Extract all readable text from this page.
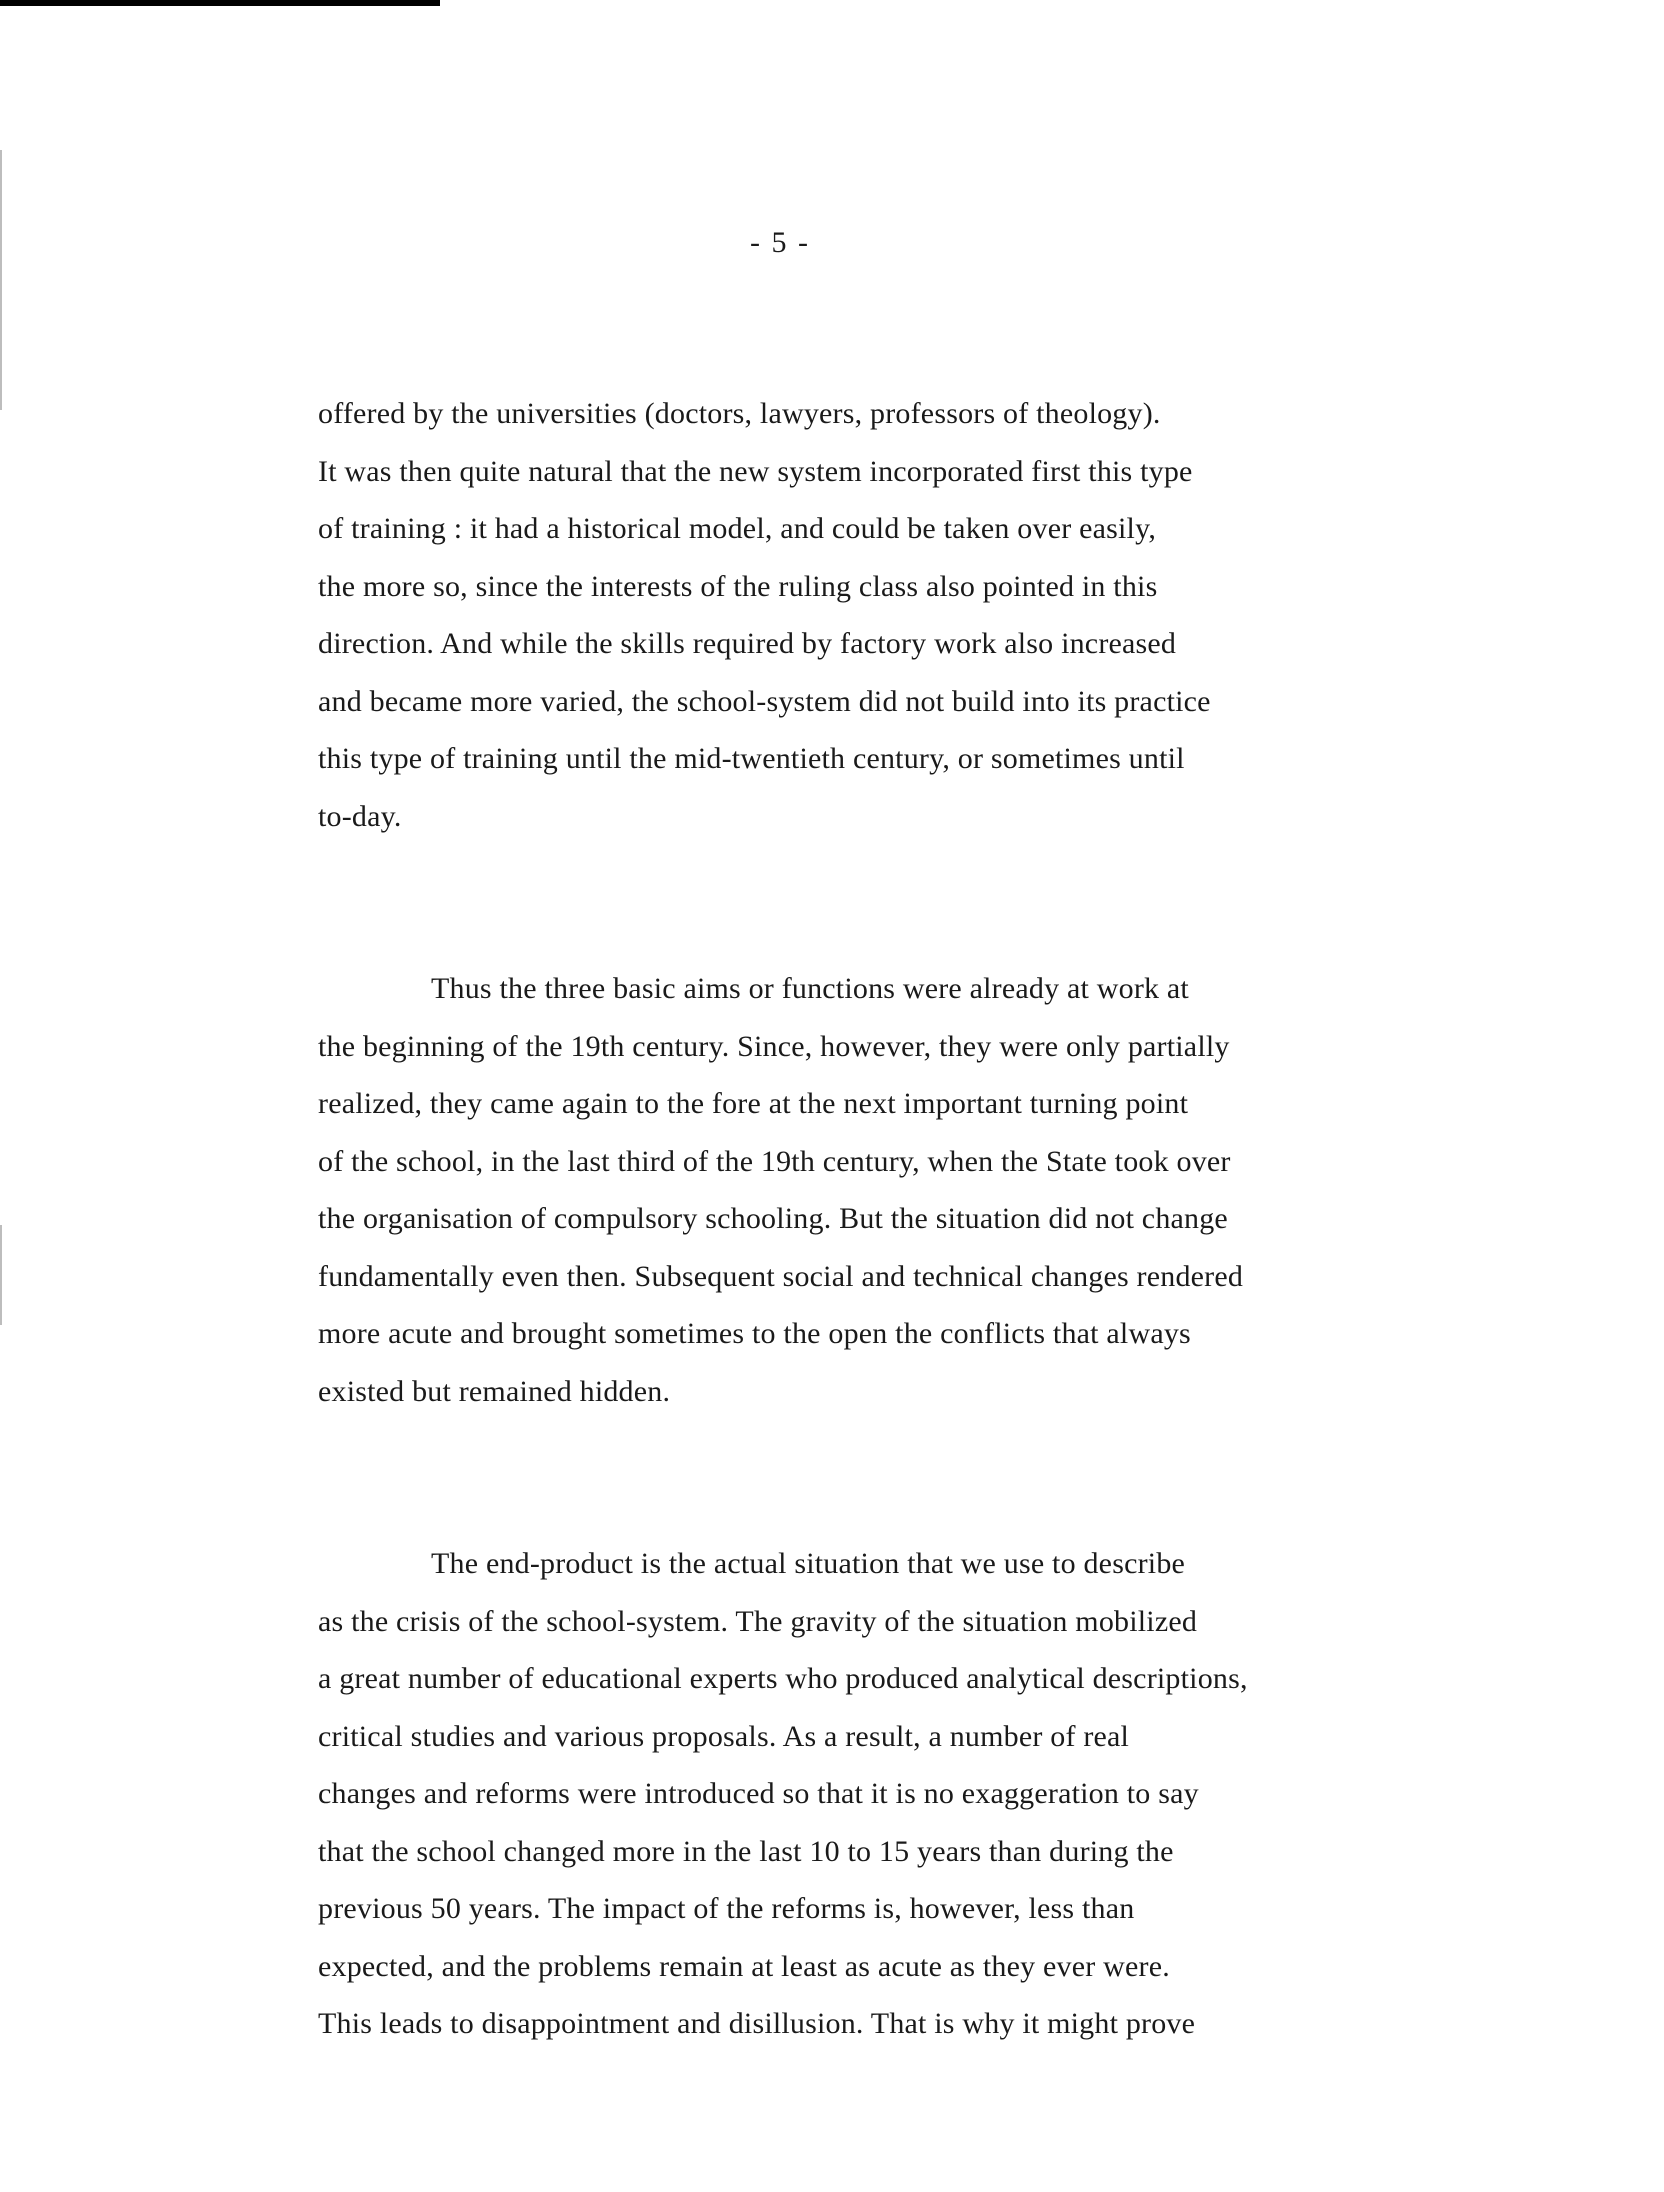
- 5 -
offered by the universities (doctors, lawyers, professors of theology).
It was then quite natural that the new system incorporated first this type
of training : it had a historical model, and could be taken over easily,
the more so, since the interests of the ruling class also pointed in this
direction. And while the skills required by factory work also increased
and became more varied, the school-system did not build into its practice
this type of training until the mid-twentieth century, or sometimes until
to-day.
Thus the three basic aims or functions were already at work at
the beginning of the 19th century. Since, however, they were only partially
realized, they came again to the fore at the next important turning point
of the school, in the last third of the 19th century, when the State took over
the organisation of compulsory schooling. But the situation did not change
fundamentally even then. Subsequent social and technical changes rendered
more acute and brought sometimes to the open the conflicts that always
existed but remained hidden.
The end-product is the actual situation that we use to describe
as the crisis of the school-system. The gravity of the situation mobilized
a great number of educational experts who produced analytical descriptions,
critical studies and various proposals. As a result, a number of real
changes and reforms were introduced so that it is no exaggeration to say
that the school changed more in the last 10 to 15 years than during the
previous 50 years. The impact of the reforms is, however, less than
expected, and the problems remain at least as acute as they ever were.
This leads to disappointment and disillusion. That is why it might prove
